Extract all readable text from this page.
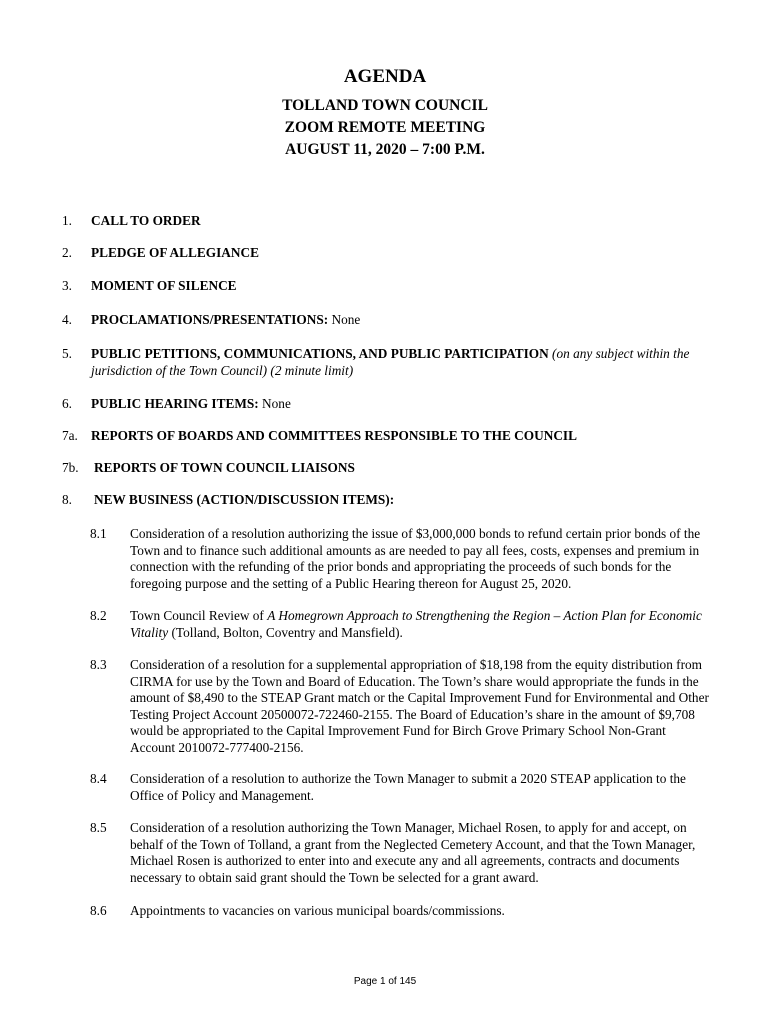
AGENDA
TOLLAND TOWN COUNCIL
ZOOM REMOTE MEETING
AUGUST 11, 2020 – 7:00 P.M.
1. CALL TO ORDER
2. PLEDGE OF ALLEGIANCE
3. MOMENT OF SILENCE
4. PROCLAMATIONS/PRESENTATIONS: None
5. PUBLIC PETITIONS, COMMUNICATIONS, AND PUBLIC PARTICIPATION (on any subject within the jurisdiction of the Town Council) (2 minute limit)
6. PUBLIC HEARING ITEMS: None
7a. REPORTS OF BOARDS AND COMMITTEES RESPONSIBLE TO THE COUNCIL
7b. REPORTS OF TOWN COUNCIL LIAISONS
8. NEW BUSINESS (ACTION/DISCUSSION ITEMS):
8.1 Consideration of a resolution authorizing the issue of $3,000,000 bonds to refund certain prior bonds of the Town and to finance such additional amounts as are needed to pay all fees, costs, expenses and premium in connection with the refunding of the prior bonds and appropriating the proceeds of such bonds for the foregoing purpose and the setting of a Public Hearing thereon for August 25, 2020.
8.2 Town Council Review of A Homegrown Approach to Strengthening the Region – Action Plan for Economic Vitality (Tolland, Bolton, Coventry and Mansfield).
8.3 Consideration of a resolution for a supplemental appropriation of $18,198 from the equity distribution from CIRMA for use by the Town and Board of Education. The Town’s share would appropriate the funds in the amount of $8,490 to the STEAP Grant match or the Capital Improvement Fund for Environmental and Other Testing Project Account 20500072-722460-2155. The Board of Education’s share in the amount of $9,708 would be appropriated to the Capital Improvement Fund for Birch Grove Primary School Non-Grant Account 2010072-777400-2156.
8.4 Consideration of a resolution to authorize the Town Manager to submit a 2020 STEAP application to the Office of Policy and Management.
8.5 Consideration of a resolution authorizing the Town Manager, Michael Rosen, to apply for and accept, on behalf of the Town of Tolland, a grant from the Neglected Cemetery Account, and that the Town Manager, Michael Rosen is authorized to enter into and execute any and all agreements, contracts and documents necessary to obtain said grant should the Town be selected for a grant award.
8.6 Appointments to vacancies on various municipal boards/commissions.
Page 1 of 145
